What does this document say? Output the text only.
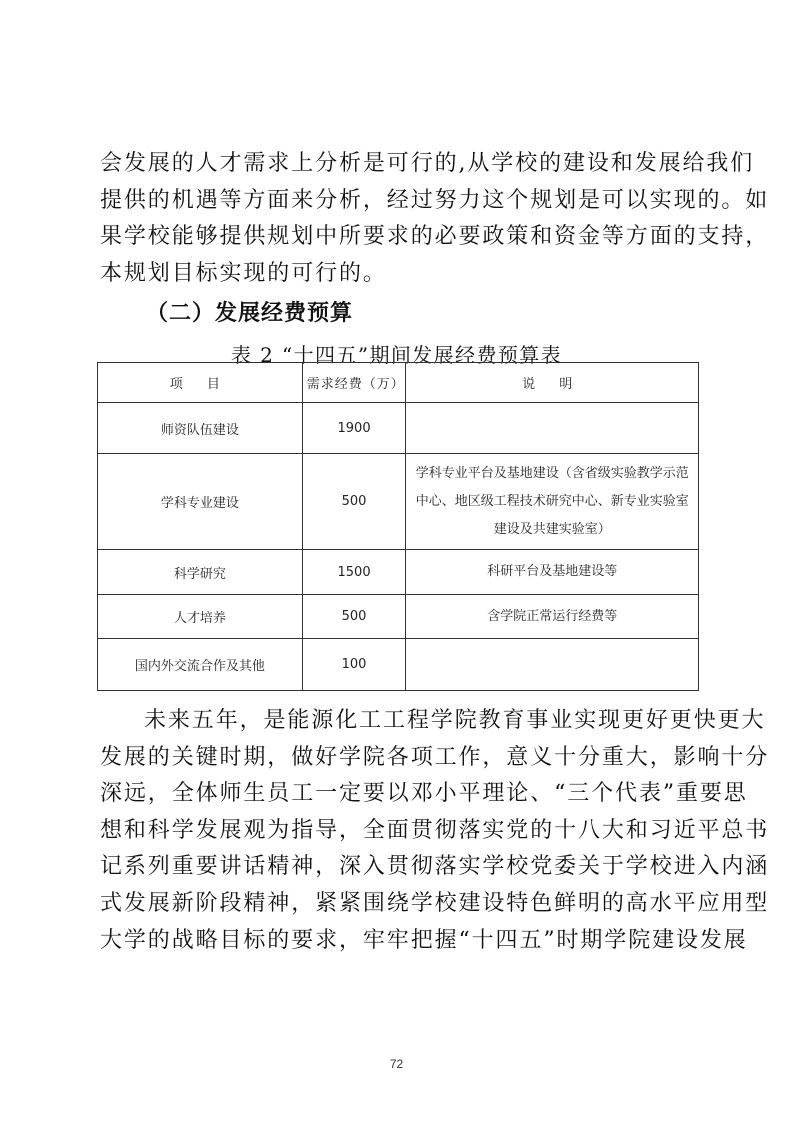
会发展的人才需求上分析是可行的,从学校的建设和发展给我们
提供的机遇等方面来分析，经过努力这个规划是可以实现的。如
果学校能够提供规划中所要求的必要政策和资金等方面的支持，
本规划目标实现的可行的。
（二）发展经费预算
表 2 “十四五”期间发展经费预算表
项 目	需求经费（万）	说 明
师资队伍建设	1900	
学科专业建设	500	学科专业平台及基地建设（含省级实验教学示范中心、地区级工程技术研究中心、新专业实验室建设及共建实验室）
科学研究	1500	科研平台及基地建设等
人才培养	500	含学院正常运行经费等
国内外交流合作及其他	100	
未来五年，是能源化工工程学院教育事业实现更好更快更大
发展的关键时期，做好学院各项工作，意义十分重大，影响十分
深远，全体师生员工一定要以邓小平理论、“三个代表”重要思
想和科学发展观为指导，全面贯彻落实党的十八大和习近平总书
记系列重要讲话精神，深入贯彻落实学校党委关于学校进入内涵
式发展新阶段精神，紧紧围绕学校建设特色鲜明的高水平应用型
大学的战略目标的要求，牢牢把握“十四五”时期学院建设发展
72
